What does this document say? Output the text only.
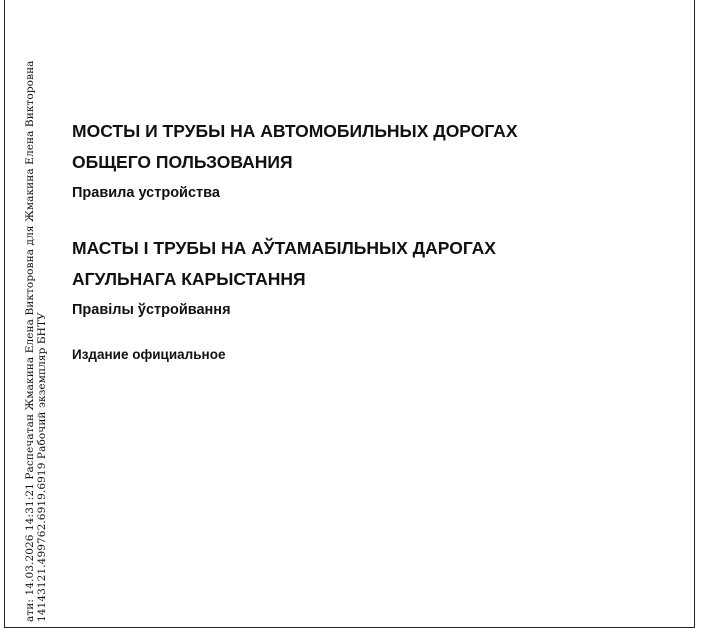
14143121.49976​2.6919.6919 Рабочий экземпляр БНТУ
ати: 14.03.2026 14:31:21 Распечатан Жмакина Елена Викторовна для Жмакина Елена Викторовна МОСТЫ И ТРУБЫ НА АВТОМОБИЛЬНЫХ ДОРОГАХ

ОБЩЕГО ПОЛЬЗОВАНИЯ

Правила устройства

МАСТЫ І ТРУБЫ НА АЎТАМАБІЛЬНЫХ ДАРОГАХ

АГУЛЬНАГА КАРЫСТАННЯ

Правілы ўстройвання

Издание официальное
